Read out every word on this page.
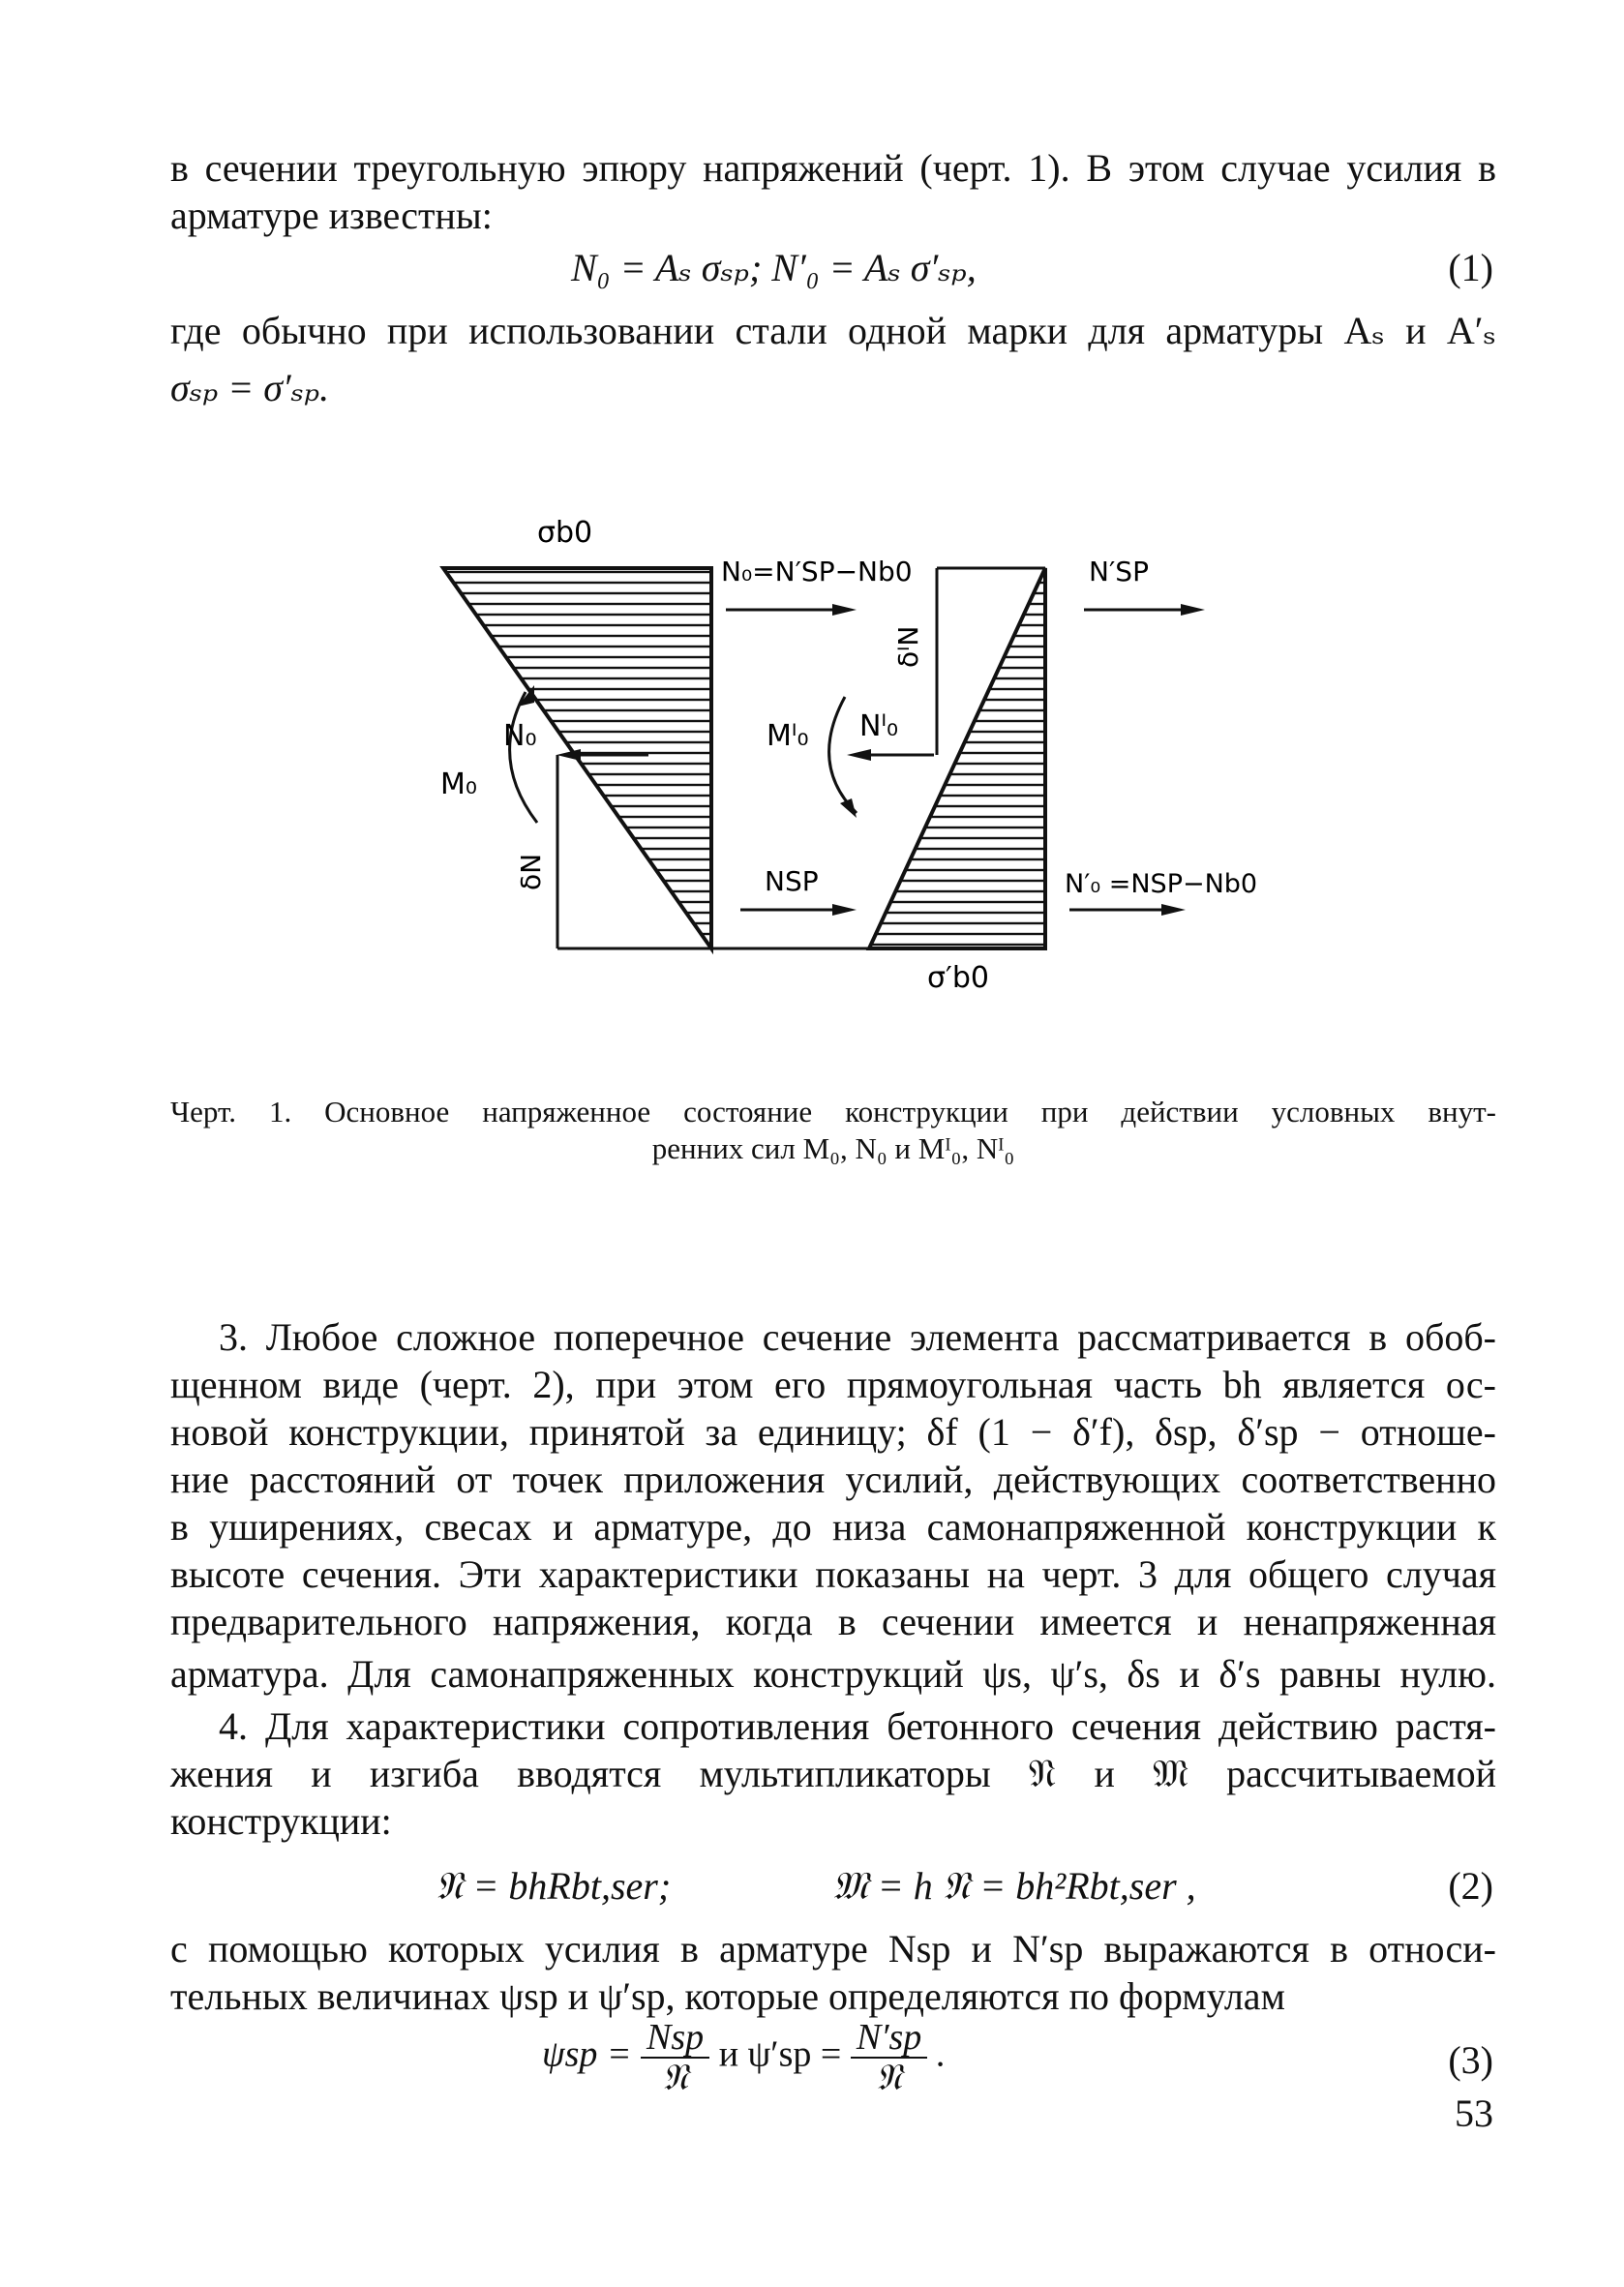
в сечении треугольную эпюру напряжений (черт. 1). В этом случае усилия в
арматуре известны:
N₀ = Aₛ σₛₚ; N′₀ = Aₛ σ′ₛₚ,	(1)
где обычно при использовании стали одной марки для арматуры Aₛ и A′ₛ
σₛₚ = σ′ₛₚ.
σb0
N₀=N′SP−Nb0	N′SP
δᴵN
M₀
N₀	Mᴵ₀ Nᴵ₀
δN	NSP	N′₀ =NSP−Nb0
σ′b0
Черт. 1. Основное напряженное состояние конструкции при действии условных внут-
ренних сил M₀, N₀ и Mᴵ₀, Nᴵ₀
3. Любое сложное поперечное сечение элемента рассматривается в обоб-
щенном виде (черт. 2), при этом его прямоугольная часть bh является ос-
новой конструкции, принятой за единицу; δf (1 − δ′f), δsp, δ′sp − отноше-
ние расстояний от точек приложения усилий, действующих соответственно
в уширениях, свесах и арматуре, до низа самонапряженной конструкции к
высоте сечения. Эти характеристики показаны на черт. 3 для общего случая
предварительного напряжения, когда в сечении имеется и ненапряженная
арматура. Для самонапряженных конструкций ψs, ψ′s, δs и δ′s равны нулю.
4. Для характеристики сопротивления бетонного сечения действию растя-
жения и изгиба вводятся мультипликаторы 𝔑 и 𝔐 рассчитываемой
конструкции:
𝔑 = bhRbt,ser;	𝔐 = h 𝔑 = bh²Rbt,ser ,	(2)
с помощью которых усилия в арматуре Nsp и N′sp выражаются в относи-
тельных величинах ψsp и ψ′sp, которые определяются по формулам
$\psi sp = \frac{\text{Nsp}}{\text{𝔑}}$ и $\psi'sp = \frac{N'sp}{\text{𝔑}}$ .	(3)
53
